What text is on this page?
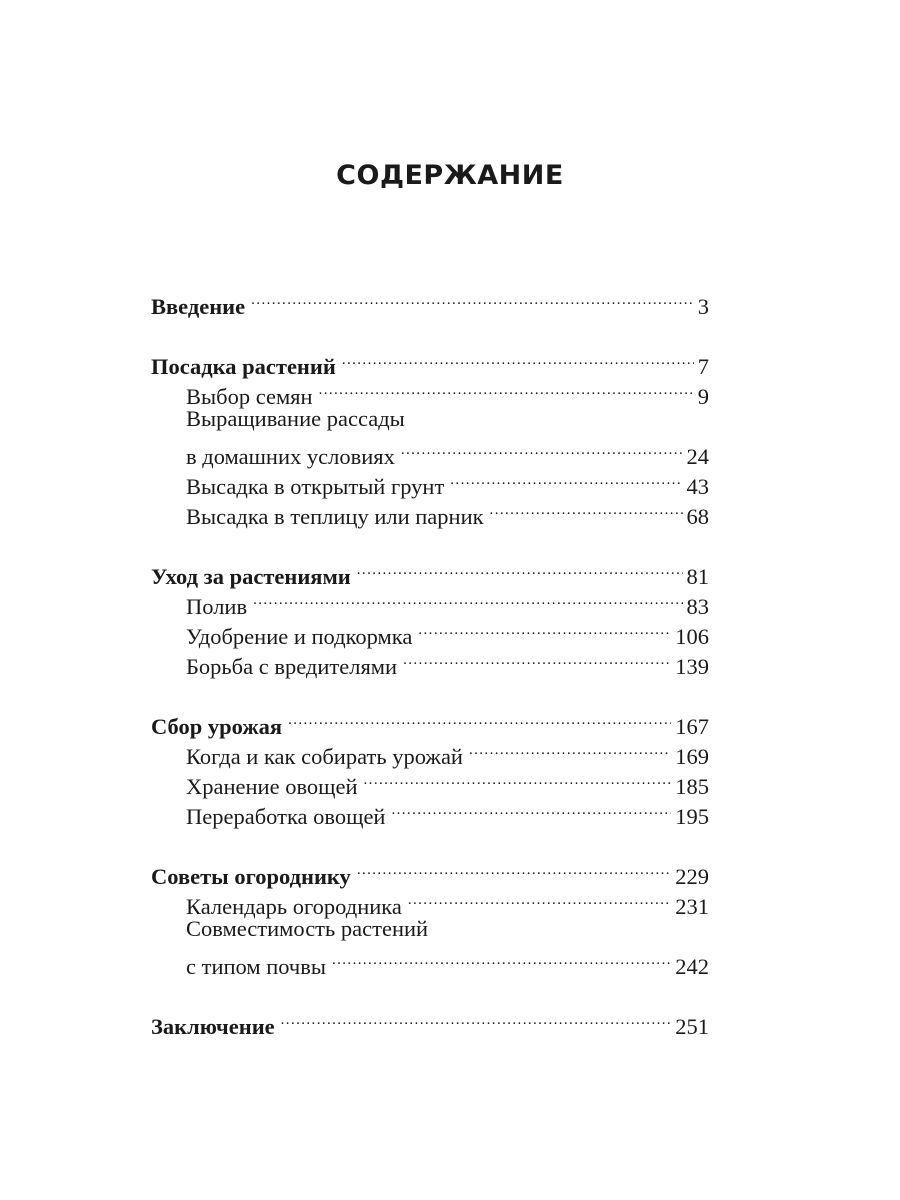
СОДЕРЖАНИЕ
Введение .....	3
Посадка растений .....	7
Выбор семян .....	9
Выращивание рассады
в домашних условиях .....	24
Высадка в открытый грунт .....	43
Высадка в теплицу или парник .....	68
Уход за растениями .....	81
Полив .....	83
Удобрение и подкормка .....	106
Борьба с вредителями .....	139
Сбор урожая .....	167
Когда и как собирать урожай .....	169
Хранение овощей .....	185
Переработка овощей .....	195
Советы огороднику .....	229
Календарь огородника .....	231
Совместимость растений
с типом почвы .....	242
Заключение .....	251
